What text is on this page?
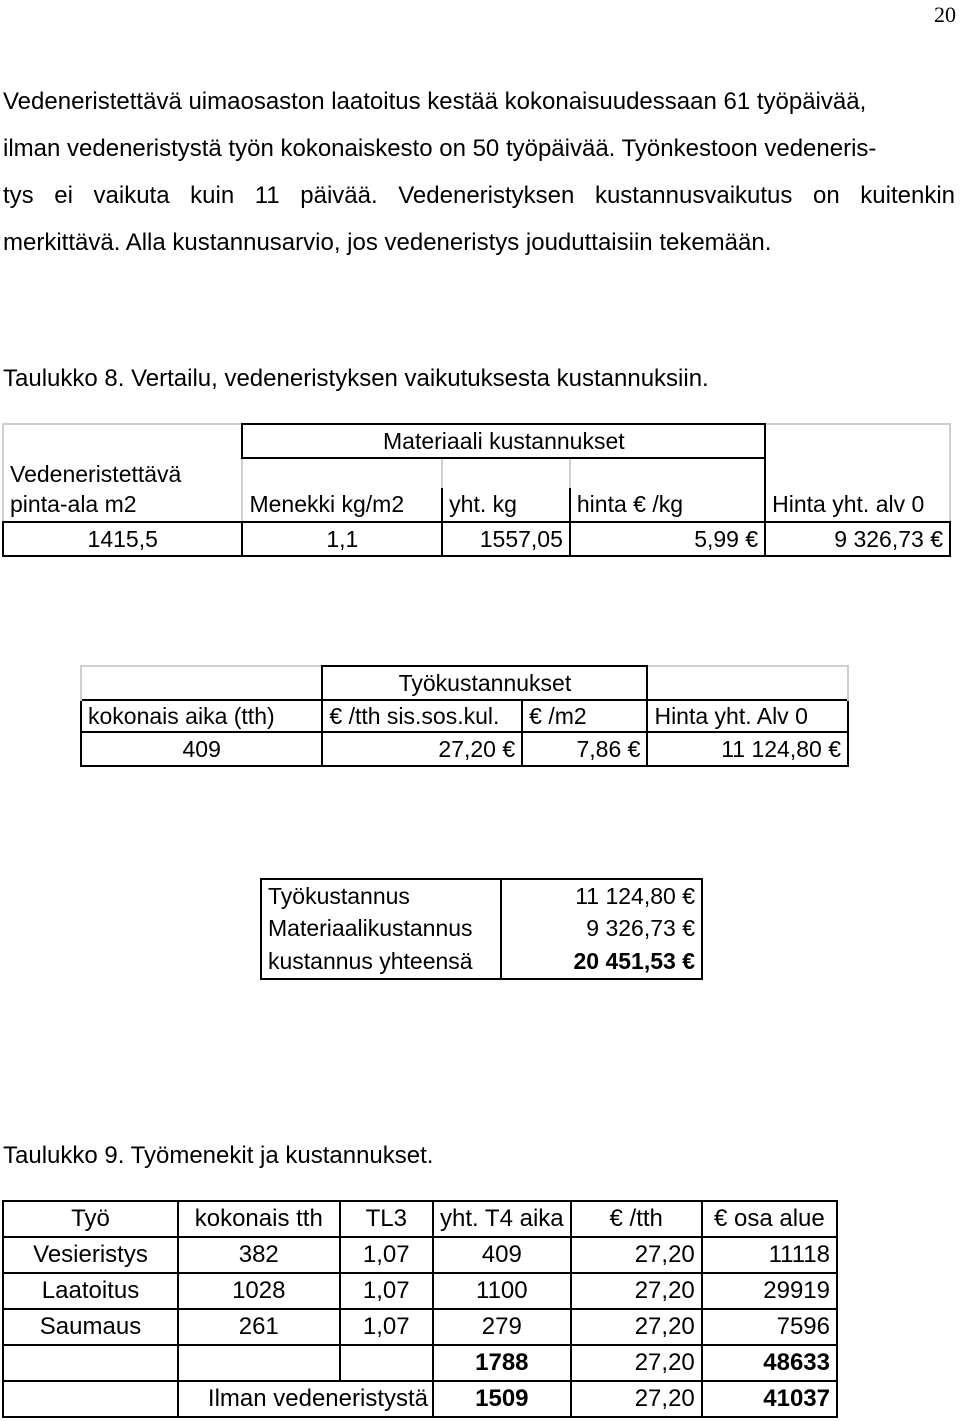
20
Vedeneristettävä uimaosaston laatoitus kestää kokonaisuudessaan 61 työpäivää,
ilman vedeneristystä työn kokonaiskesto on 50 työpäivää. Työnkestoon vedeneris-
tys ei vaikuta kuin 11 päivää. Vedeneristyksen kustannusvaikutus on kuitenkin
merkittävä. Alla kustannusarvio, jos vedeneristys jouduttaisiin tekemään.
Taulukko 8. Vertailu, vedeneristyksen vaikutuksesta kustannuksiin.
	Materiaali kustannukset			
Vedeneristettävä				
pinta-ala m2	Menekki kg/m2	yht. kg	hinta € /kg	Hinta yht. alv 0
1415,5	1,1	1557,05	5,99 €	9 326,73 €
	Työkustannukset		
kokonais aika (tth)	€ /tth sis.sos.kul.	€ /m2	Hinta yht. Alv 0
409	27,20 €	7,86 €	11 124,80 €
Työkustannus	11 124,80 €
Materiaalikustannus	9 326,73 €
kustannus yhteensä	20 451,53 €
Taulukko 9. Työmenekit ja kustannukset.
Työ	kokonais tth	TL3	yht. T4 aika	€ /tth	€ osa alue
Vesieristys	382	1,07	409	27,20	11118
Laatoitus	1028	1,07	1100	27,20	29919
Saumaus	261	1,07	279	27,20	7596
			1788	27,20	48633
	Ilman vedeneristystä		1509	27,20	41037
